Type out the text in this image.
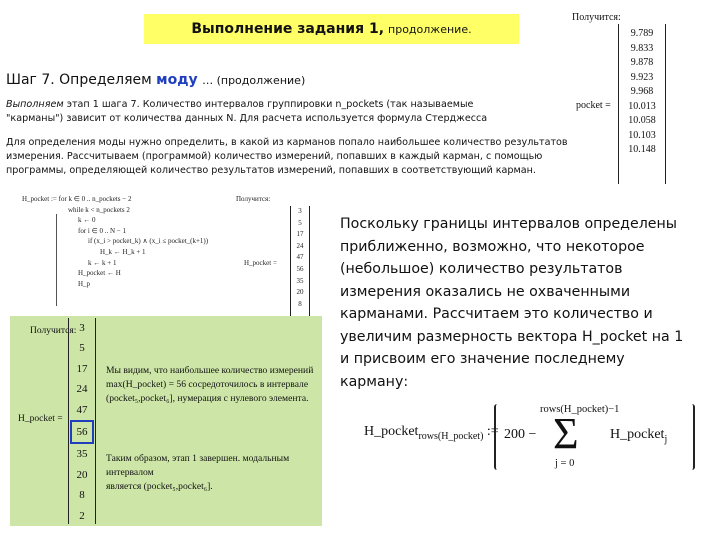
Выполнение задания 1, продолжение.
Шаг 7. Определяем моду … (продолжение)
Выполняем этап 1 шага 7. Количество интервалов группировки n_pockets (так называемые
"карманы") зависит от количества данных N. Для расчета используется формула Стерджесса
Для определения моды нужно определить, в какой из карманов попало наибольшее количество результатов
измерения. Рассчитываем (программой) количество измерений, попавших в каждый карман, с помощью
программы, определяющей количество результатов измерений, попавших в соответствующий карман.
Получится:
pocket =
9.789
9.833
9.878
9.923
9.968
10.013
10.058
10.103
10.148
H_pocket := for k ∈ 0 .. n_pockets − 2
while k < n_pockets 2
k ← 0
for i ∈ 0 .. N − 1
if (x_i > pocket_k) ∧ (x_i ≤ pocket_(k+1))
H_k ← H_k + 1
k ← k + 1
H_pocket ← H
H_p
Получится:
H_pocket =
3
5
17
24
47
56
35
20
8
Получится:
H_pocket =
3
5
17
24
47
56
35
20
8
2
Мы видим, что наибольшее количество измерений
max(H_pocket) = 56 сосредоточилось в интервале
(pocket₅,pocket₆], нумерация с нулевого элемента.
Таким образом, этап 1 завершен. модальным интервалом
является (pocket₅,pocket₆].
Поскольку границы интервалов определены
приближенно, возможно, что некоторое
(небольшое) количество результатов
измерения оказались не охваченными
карманами. Рассчитаем это количество и
увеличим размерность вектора H_pocket на 1
и присвоим его значение последнему
карману:
H_pocket$_{rows(H\_pocket)}$ := 200 −
rows(H_pocket)−1
Σ
j = 0
H_pocket$_j$
